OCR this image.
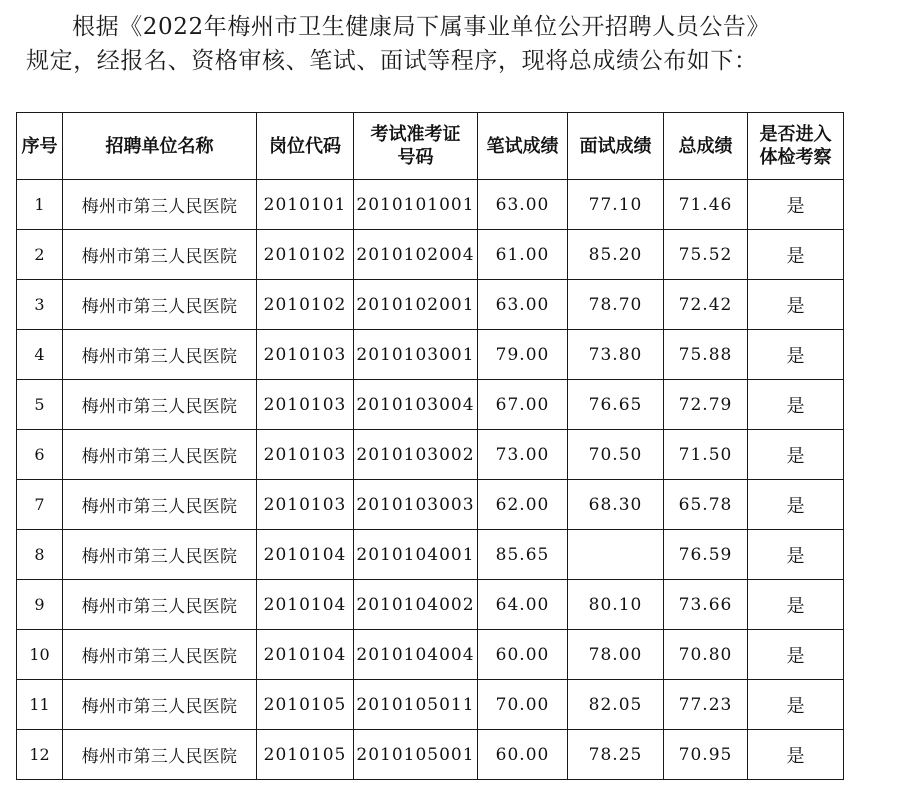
根据《2022年梅州市卫生健康局下属事业单位公开招聘人员公告》
规定，经报名、资格审核、笔试、面试等程序，现将总成绩公布如下：
序号	招聘单位名称	岗位代码	考试准考证号码	笔试成绩	面试成绩	总成绩	是否进入体检考察
1	梅州市第三人民医院	2010101	2010101001	63.00	77.10	71.46	是
2	梅州市第三人民医院	2010102	2010102004	61.00	85.20	75.52	是
3	梅州市第三人民医院	2010102	2010102001	63.00	78.70	72.42	是
4	梅州市第三人民医院	2010103	2010103001	79.00	73.80	75.88	是
5	梅州市第三人民医院	2010103	2010103004	67.00	76.65	72.79	是
6	梅州市第三人民医院	2010103	2010103002	73.00	70.50	71.50	是
7	梅州市第三人民医院	2010103	2010103003	62.00	68.30	65.78	是
8	梅州市第三人民医院	2010104	2010104001	85.65		76.59	是
9	梅州市第三人民医院	2010104	2010104002	64.00	80.10	73.66	是
10	梅州市第三人民医院	2010104	2010104004	60.00	78.00	70.80	是
11	梅州市第三人民医院	2010105	2010105011	70.00	82.05	77.23	是
12	梅州市第三人民医院	2010105	2010105001	60.00	78.25	70.95	是
